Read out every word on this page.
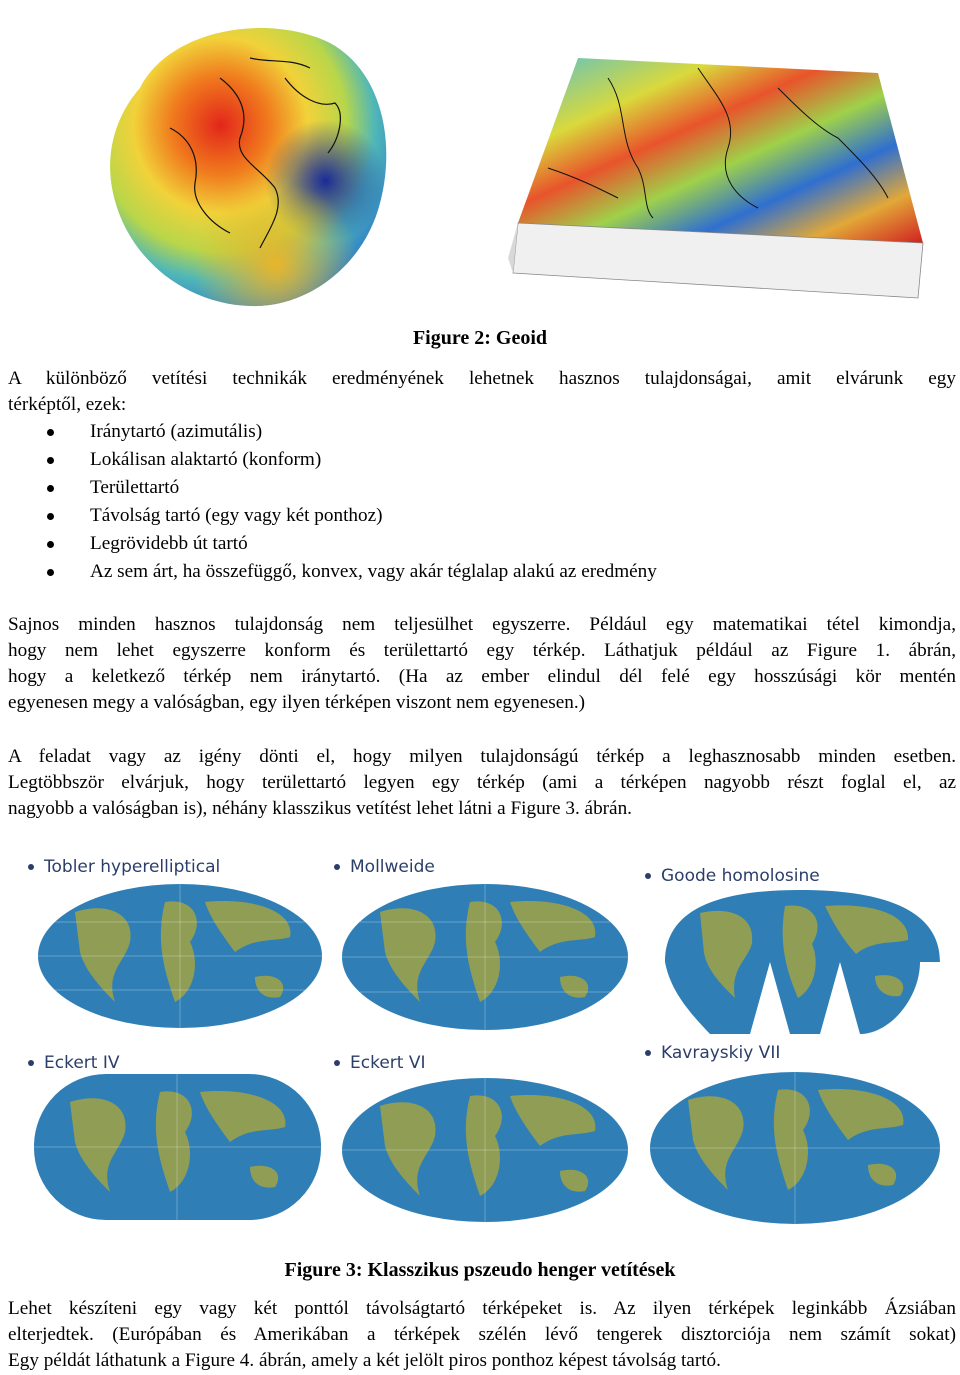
Figure 2: Geoid
A különböző vetítési technikák eredményének lehetnek hasznos tulajdonságai, amit elvárunk egy
térképtől, ezek:
Iránytartó (azimutális)
Lokálisan alaktartó (konform)
Területtartó
Távolság tartó (egy vagy két ponthoz)
Legrövidebb út tartó
Az sem árt, ha összefüggő, konvex, vagy akár téglalap alakú az eredmény
Sajnos minden hasznos tulajdonság nem teljesülhet egyszerre. Például egy matematikai tétel kimondja,
hogy nem lehet egyszerre konform és területtartó egy térkép. Láthatjuk például az Figure 1. ábrán,
hogy a keletkező térkép nem iránytartó. (Ha az ember elindul dél felé egy hosszúsági kör mentén
egyenesen megy a valóságban, egy ilyen térképen viszont nem egyenesen.)
A feladat vagy az igény dönti el, hogy milyen tulajdonságú térkép a leghasznosabb minden esetben.
Legtöbbször elvárjuk, hogy területtartó legyen egy térkép (ami a térképen nagyobb részt foglal el, az
nagyobb a valóságban is), néhány klasszikus vetítést lehet látni a Figure 3. ábrán.
Tobler hyperelliptical	Mollweide	Goode homolosine
Eckert IV	Eckert VI	Kavrayskiy VII
Figure 3: Klasszikus pszeudo henger vetítések
Lehet készíteni egy vagy két ponttól távolságtartó térképeket is. Az ilyen térképek leginkább Ázsiában
elterjedtek. (Európában és Amerikában a térképek szélén lévő tengerek disztorciója nem számít sokat)
Egy példát láthatunk a Figure 4. ábrán, amely a két jelölt piros ponthoz képest távolság tartó.
